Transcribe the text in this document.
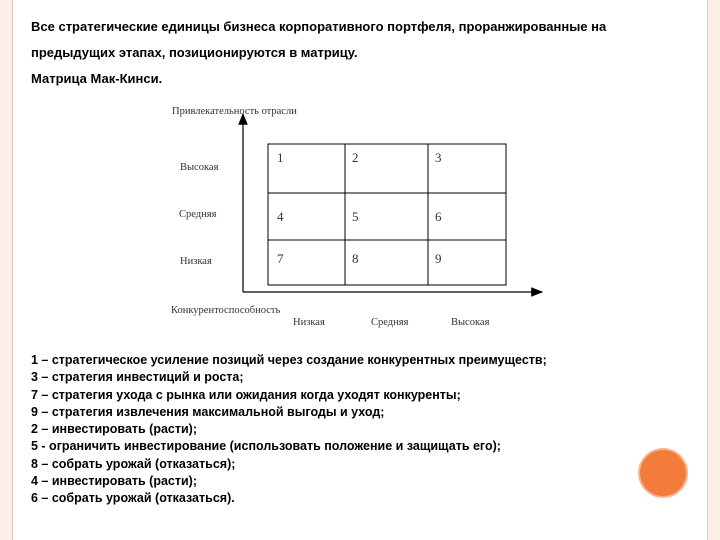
Все стратегические единицы бизнеса корпоративного портфеля, проранжированные на

предыдущих этапах, позиционируются в матрицу.

Матрица Мак-Кинси.

Привлекательность отрасли
Конкурентоспособность
Высокая
Средняя
Низкая
Низкая	Средняя	Высокая
1	2	3
4	5	6
7	8	9
1 – стратегическое усиление позиций через создание конкурентных преимуществ;
3 – стратегия инвестиций и роста;
7 – стратегия ухода с рынка или ожидания когда уходят конкуренты;
9 – стратегия извлечения максимальной выгоды и уход;
2 – инвестировать (расти);
5 - ограничить инвестирование (использовать положение и защищать его);
8 – собрать урожай (отказаться);
4 – инвестировать (расти);
6 – собрать урожай (отказаться).
